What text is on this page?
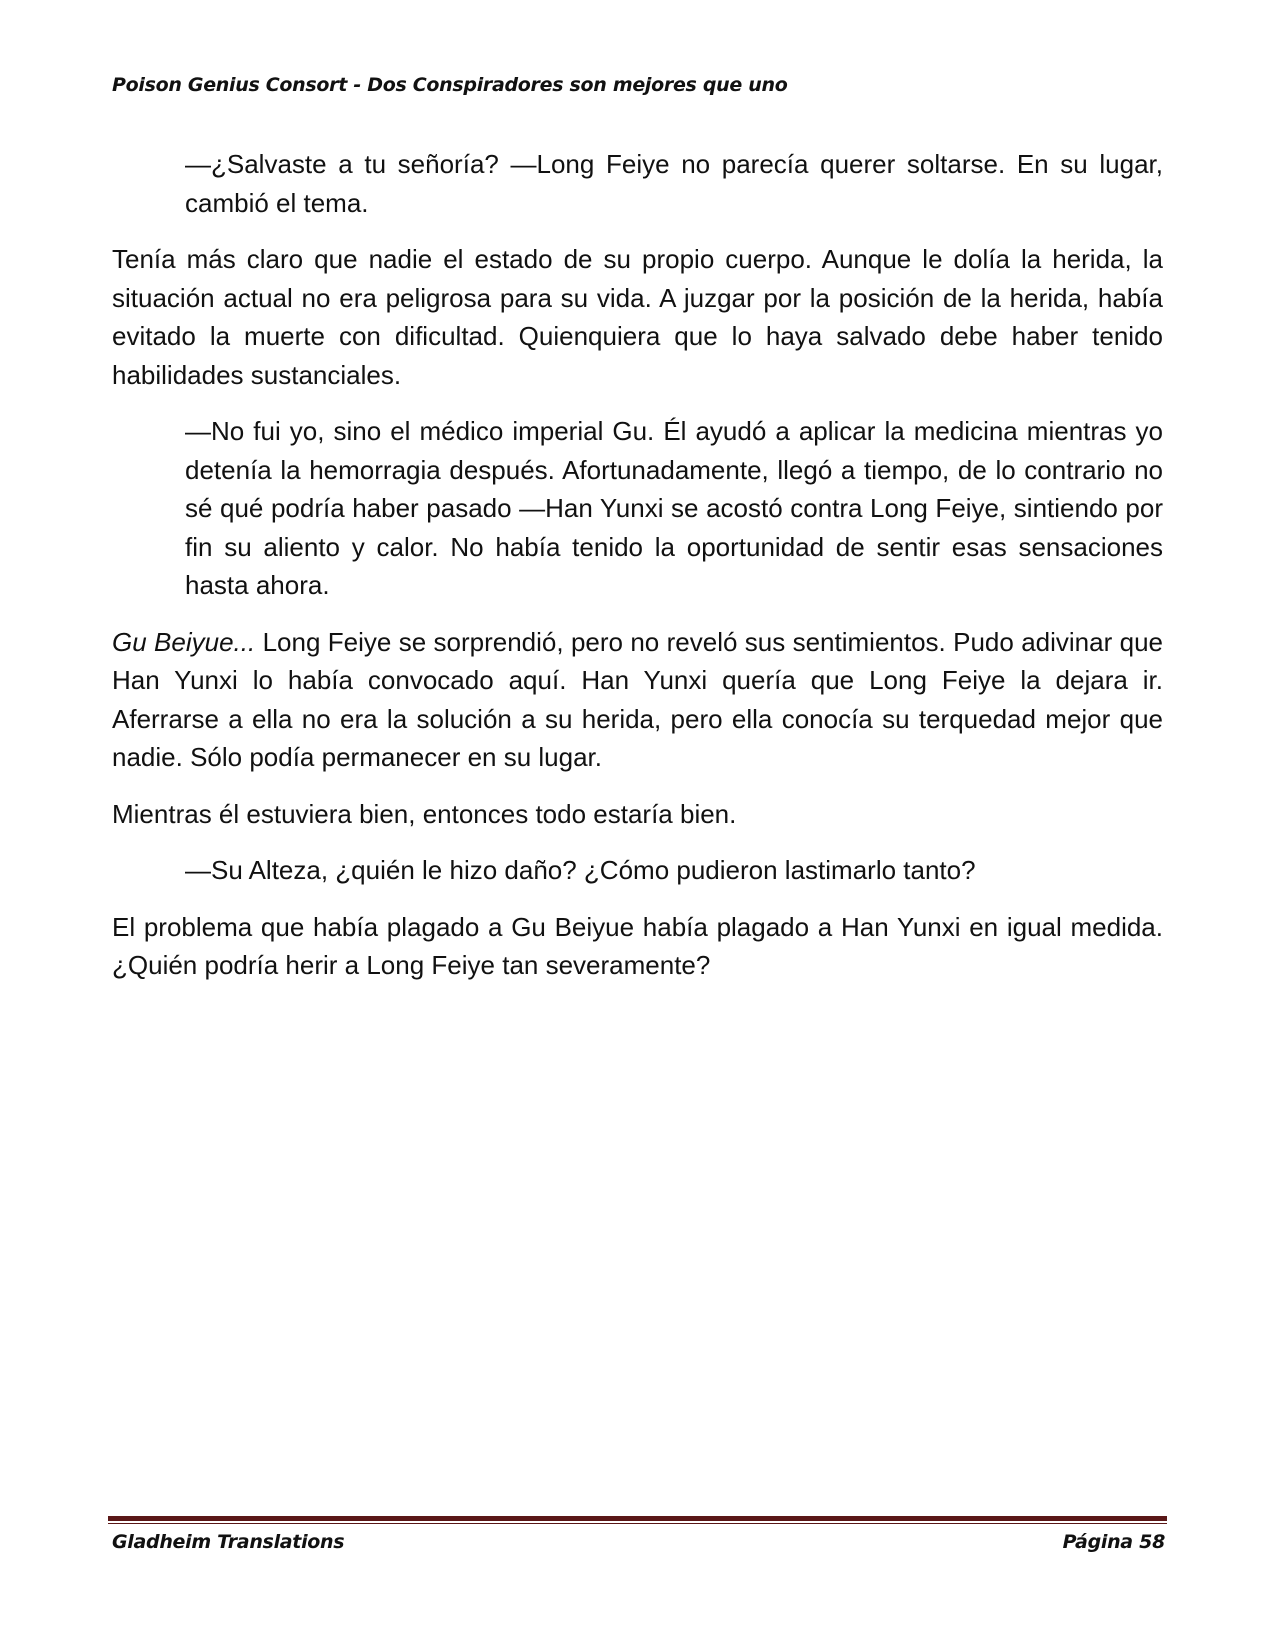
Poison Genius Consort - Dos Conspiradores son mejores que uno

—¿Salvaste a tu señoría? —Long Feiye no parecía querer soltarse. En su lugar, cambió el tema.

Tenía más claro que nadie el estado de su propio cuerpo. Aunque le dolía la herida, la situación actual no era peligrosa para su vida. A juzgar por la posición de la herida, había evitado la muerte con dificultad. Quienquiera que lo haya salvado debe haber tenido habilidades sustanciales.

—No fui yo, sino el médico imperial Gu. Él ayudó a aplicar la medicina mientras yo detenía la hemorragia después. Afortunadamente, llegó a tiempo, de lo contrario no sé qué podría haber pasado —Han Yunxi se acostó contra Long Feiye, sintiendo por fin su aliento y calor. No había tenido la oportunidad de sentir esas sensaciones hasta ahora.

Gu Beiyue... Long Feiye se sorprendió, pero no reveló sus sentimientos. Pudo adivinar que Han Yunxi lo había convocado aquí. Han Yunxi quería que Long Feiye la dejara ir. Aferrarse a ella no era la solución a su herida, pero ella conocía su terquedad mejor que nadie. Sólo podía permanecer en su lugar.

Mientras él estuviera bien, entonces todo estaría bien.

—Su Alteza, ¿quién le hizo daño? ¿Cómo pudieron lastimarlo tanto?

El problema que había plagado a Gu Beiyue había plagado a Han Yunxi en igual medida. ¿Quién podría herir a Long Feiye tan severamente?

Gladheim Translations	Página 58
